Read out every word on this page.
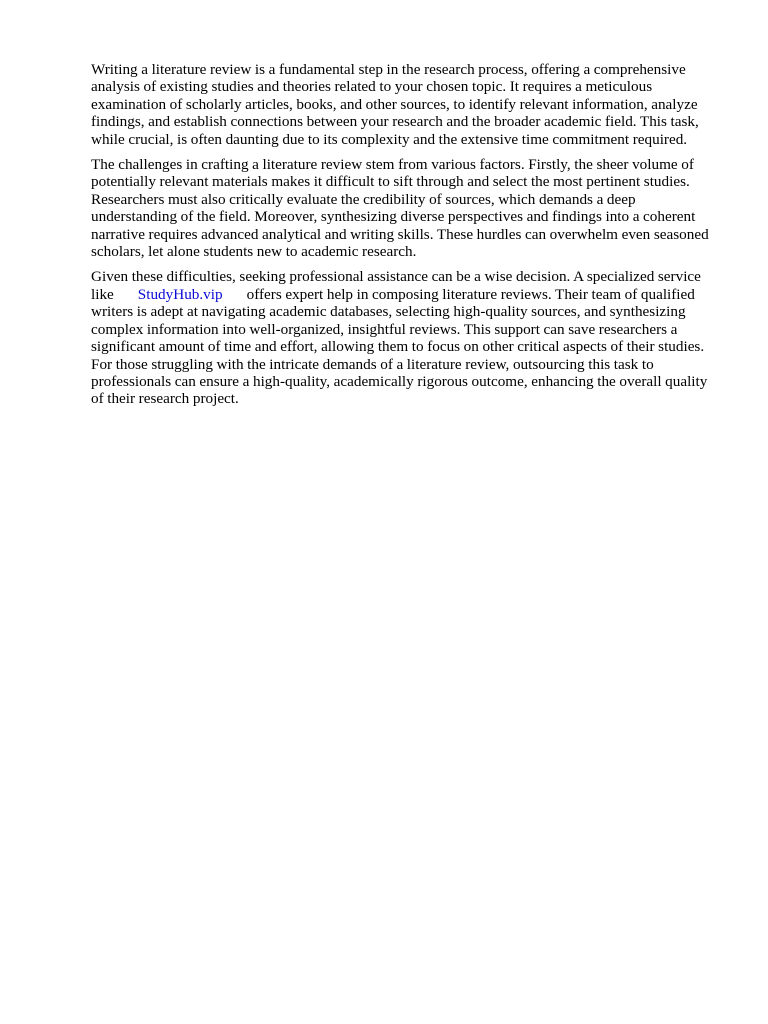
Writing a literature review is a fundamental step in the research process, offering a comprehensive analysis of existing studies and theories related to your chosen topic. It requires a meticulous examination of scholarly articles, books, and other sources, to identify relevant information, analyze findings, and establish connections between your research and the broader academic field. This task, while crucial, is often daunting due to its complexity and the extensive time commitment required.

The challenges in crafting a literature review stem from various factors. Firstly, the sheer volume of potentially relevant materials makes it difficult to sift through and select the most pertinent studies. Researchers must also critically evaluate the credibility of sources, which demands a deep understanding of the field. Moreover, synthesizing diverse perspectives and findings into a coherent narrative requires advanced analytical and writing skills. These hurdles can overwhelm even seasoned scholars, let alone students new to academic research.

Given these difficulties, seeking professional assistance can be a wise decision. A specialized service like StudyHub.vip offers expert help in composing literature reviews. Their team of qualified writers is adept at navigating academic databases, selecting high-quality sources, and synthesizing complex information into well-organized, insightful reviews. This support can save researchers a significant amount of time and effort, allowing them to focus on other critical aspects of their studies. For those struggling with the intricate demands of a literature review, outsourcing this task to professionals can ensure a high-quality, academically rigorous outcome, enhancing the overall quality of their research project.
